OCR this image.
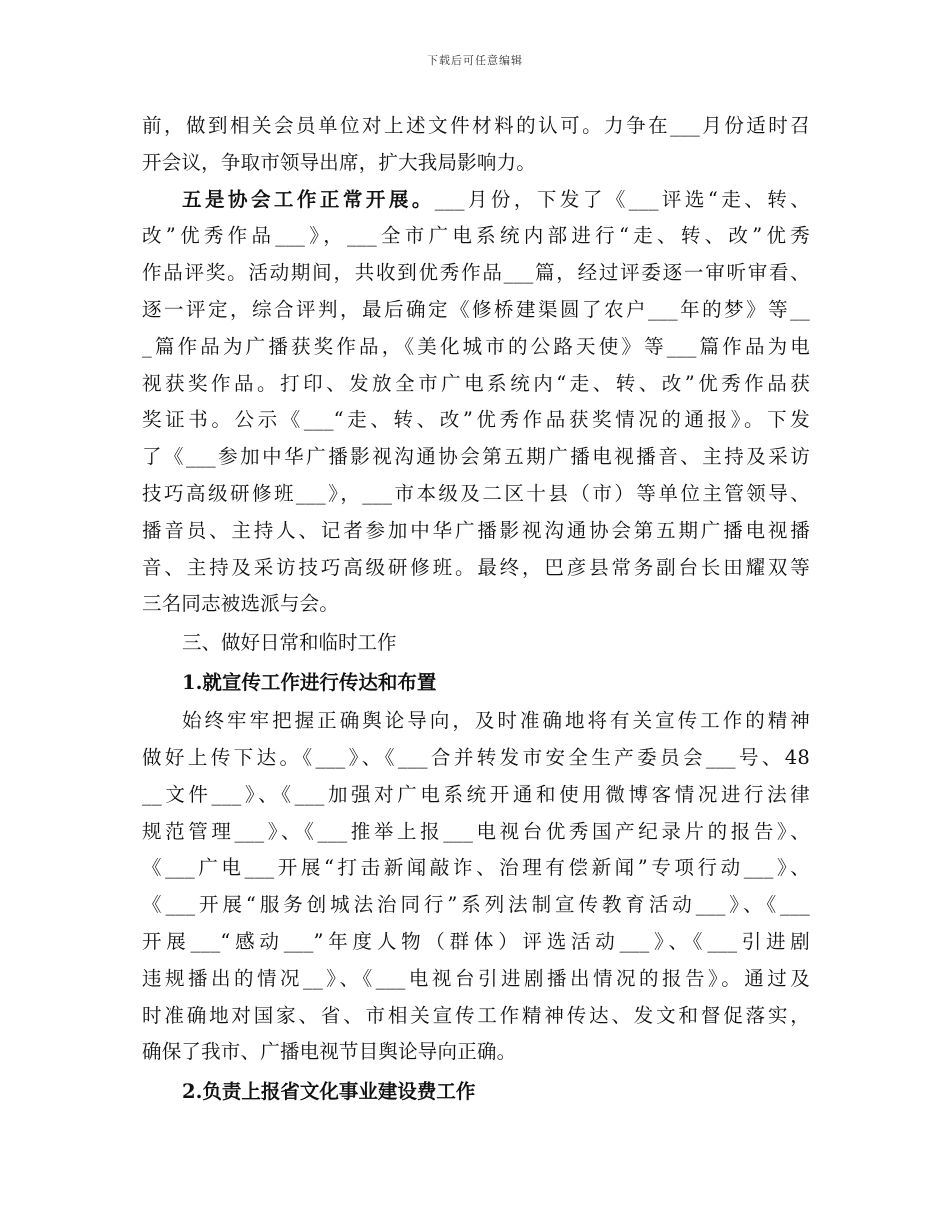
下载后可任意编辑
前，做到相关会员单位对上述文件材料的认可。力争在___月份适时召
开会议，争取市领导出席，扩大我局影响力。
五是协会工作正常开展。___月份，下发了《___评选“走、转、
改”优秀作品___》，___全市广电系统内部进行“走、转、改”优秀
作品评奖。活动期间，共收到优秀作品___篇，经过评委逐一审听审看、
逐一评定，综合评判，最后确定《修桥建渠圆了农户___年的梦》等__
_篇作品为广播获奖作品，《美化城市的公路天使》等___篇作品为电
视获奖作品。打印、发放全市广电系统内“走、转、改”优秀作品获
奖证书。公示《___“走、转、改”优秀作品获奖情况的通报》。下发
了《___参加中华广播影视沟通协会第五期广播电视播音、主持及采访
技巧高级研修班___》，___市本级及二区十县（市）等单位主管领导、
播音员、主持人、记者参加中华广播影视沟通协会第五期广播电视播
音、主持及采访技巧高级研修班。最终，巴彦县常务副台长田耀双等
三名同志被选派与会。
三、做好日常和临时工作
1.就宣传工作进行传达和布置
始终牢牢把握正确舆论导向，及时准确地将有关宣传工作的精神
做好上传下达。《___》、《___合并转发市安全生产委员会___号、48
__文件___》、《___加强对广电系统开通和使用微博客情况进行法律
规范管理___》、《___推举上报___电视台优秀国产纪录片的报告》、
《___广电___开展“打击新闻敲诈、治理有偿新闻”专项行动___》、
《___开展“服务创城法治同行”系列法制宣传教育活动___》、《___
开展___“感动___”年度人物（群体）评选活动___》、《___引进剧
违规播出的情况__》、《___电视台引进剧播出情况的报告》。通过及
时准确地对国家、省、市相关宣传工作精神传达、发文和督促落实，
确保了我市、广播电视节目舆论导向正确。
2.负责上报省文化事业建设费工作
